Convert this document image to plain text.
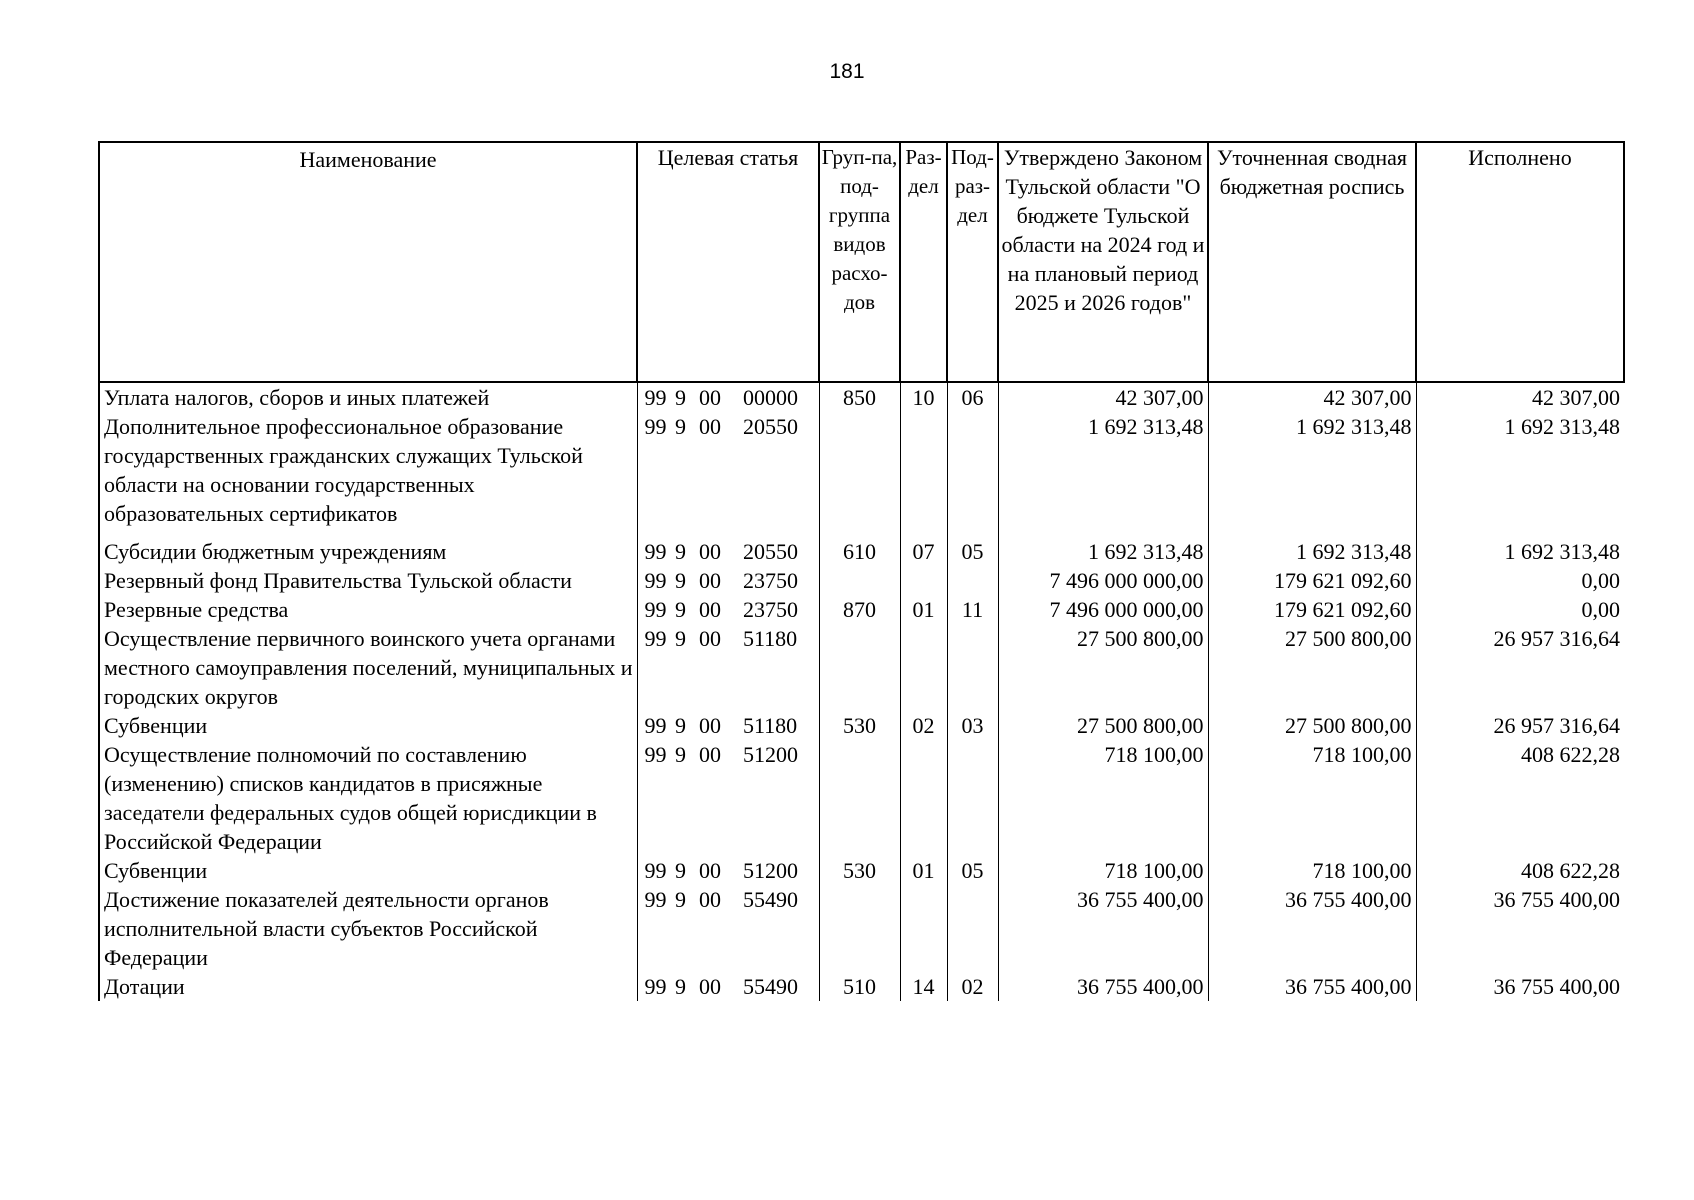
181
Наименование	Целевая статья				Груп-па, под-группа видов расхо-дов	Раз-дел	Под-раз-дел	Утверждено Законом Тульской области "О бюджете Тульской области на 2024 год и на плановый период 2025 и 2026 годов"	Уточненная сводная бюджетная роспись	Исполнено
Уплата налогов, сборов и иных платежей	99	9	00	00000	850	10	06	42 307,00	42 307,00	42 307,00
Дополнительное профессиональное образование государственных гражданских служащих Тульской области на основании государственных образовательных сертификатов	99	9	00	20550				1 692 313,48	1 692 313,48	1 692 313,48
Субсидии бюджетным учреждениям	99	9	00	20550	610	07	05	1 692 313,48	1 692 313,48	1 692 313,48
Резервный фонд Правительства Тульской области	99	9	00	23750				7 496 000 000,00	179 621 092,60	0,00
Резервные средства	99	9	00	23750	870	01	11	7 496 000 000,00	179 621 092,60	0,00
Осуществление первичного воинского учета органами местного самоуправления поселений, муниципальных и городских округов	99	9	00	51180				27 500 800,00	27 500 800,00	26 957 316,64
Субвенции	99	9	00	51180	530	02	03	27 500 800,00	27 500 800,00	26 957 316,64
Осуществление полномочий по составлению (изменению) списков кандидатов в присяжные заседатели федеральных судов общей юрисдикции в Российской Федерации	99	9	00	51200				718 100,00	718 100,00	408 622,28
Субвенции	99	9	00	51200	530	01	05	718 100,00	718 100,00	408 622,28
Достижение показателей деятельности органов исполнительной власти субъектов Российской Федерации	99	9	00	55490				36 755 400,00	36 755 400,00	36 755 400,00
Дотации	99	9	00	55490	510	14	02	36 755 400,00	36 755 400,00	36 755 400,00
